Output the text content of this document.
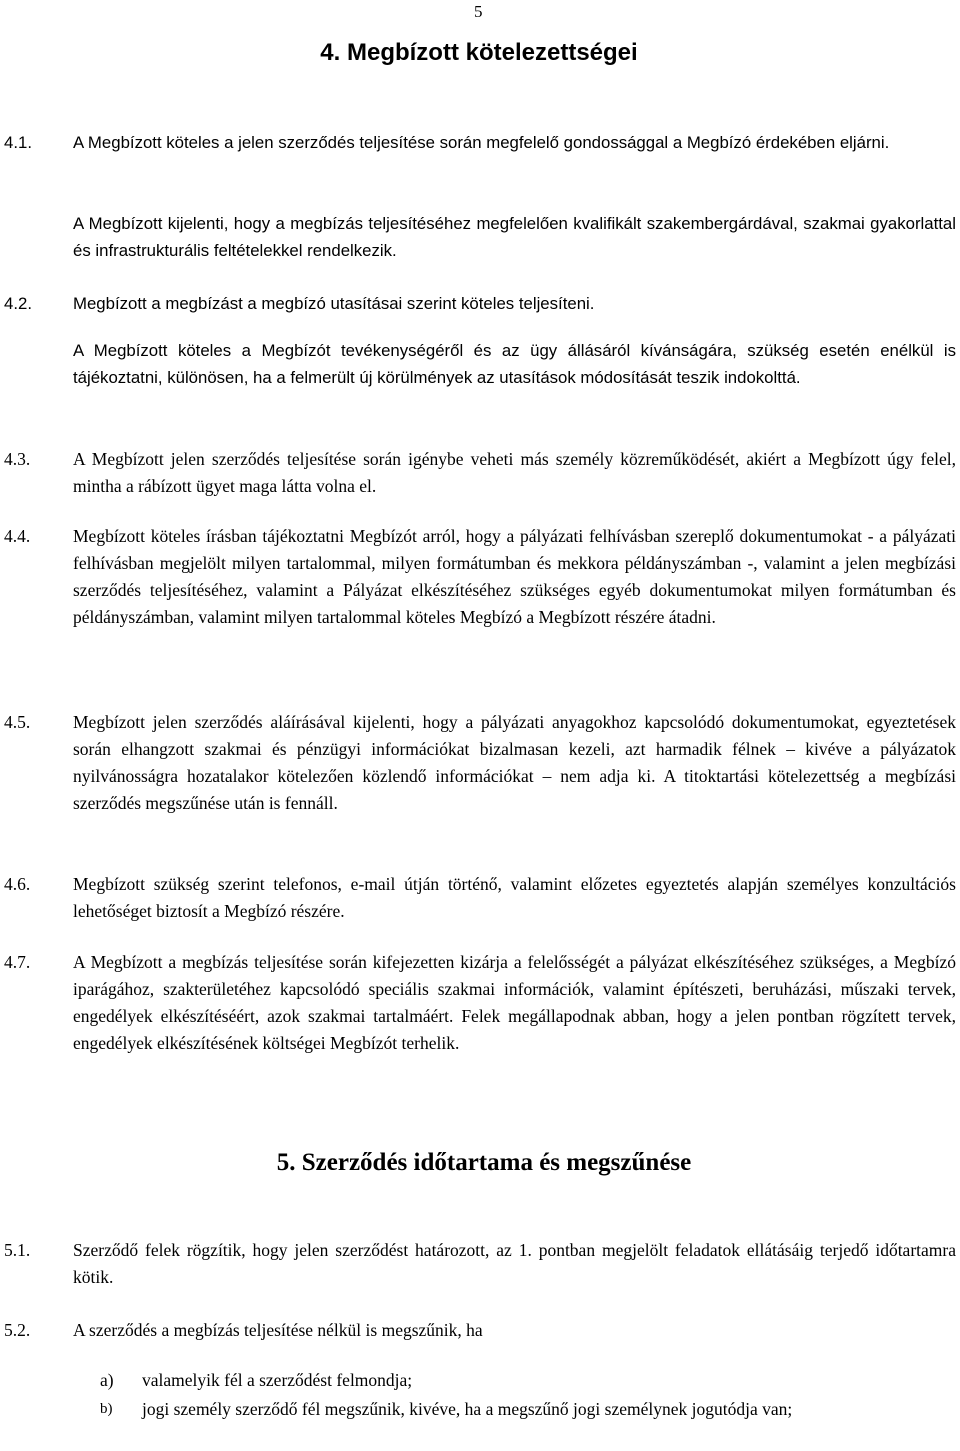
5
4. Megbízott kötelezettségei
4.1. A Megbízott köteles a jelen szerződés teljesítése során megfelelő gondossággal a Megbízó érdekében eljárni.
A Megbízott kijelenti, hogy a megbízás teljesítéséhez megfelelően kvalifikált szakembergárdával, szakmai gyakorlattal és infrastrukturális feltételekkel rendelkezik.
4.2. Megbízott a megbízást a megbízó utasításai szerint köteles teljesíteni.
A Megbízott köteles a Megbízót tevékenységéről és az ügy állásáról kívánságára, szükség esetén enélkül is tájékoztatni, különösen, ha a felmerült új körülmények az utasítások módosítását teszik indokolttá.
4.3. A Megbízott jelen szerződés teljesítése során igénybe veheti más személy közreműködését, akiért a Megbízott úgy felel, mintha a rábízott ügyet maga látta volna el.
4.4. Megbízott köteles írásban tájékoztatni Megbízót arról, hogy a pályázati felhívásban szereplő dokumentumokat - a pályázati felhívásban megjelölt milyen tartalommal, milyen formátumban és mekkora példányszámban -, valamint a jelen megbízási szerződés teljesítéséhez, valamint a Pályázat elkészítéséhez szükséges egyéb dokumentumokat milyen formátumban és példányszámban, valamint milyen tartalommal köteles Megbízó a Megbízott részére átadni.
4.5. Megbízott jelen szerződés aláírásával kijelenti, hogy a pályázati anyagokhoz kapcsolódó dokumentumokat, egyeztetések során elhangzott szakmai és pénzügyi információkat bizalmasan kezeli, azt harmadik félnek – kivéve a pályázatok nyilvánosságra hozatalakor kötelezően közlendő információkat – nem adja ki. A titoktartási kötelezettség a megbízási szerződés megszűnése után is fennáll.
4.6. Megbízott szükség szerint telefonos, e-mail útján történő, valamint előzetes egyeztetés alapján személyes konzultációs lehetőséget biztosít a Megbízó részére.
4.7. A Megbízott a megbízás teljesítése során kifejezetten kizárja a felelősségét a pályázat elkészítéséhez szükséges, a Megbízó iparágához, szakterületéhez kapcsolódó speciális szakmai információk, valamint építészeti, beruházási, műszaki tervek, engedélyek elkészítéséért, azok szakmai tartalmáért. Felek megállapodnak abban, hogy a jelen pontban rögzített tervek, engedélyek elkészítésének költségei Megbízót terhelik.
5. Szerződés időtartama és megszűnése
5.1. Szerződő felek rögzítik, hogy jelen szerződést határozott, az 1. pontban megjelölt feladatok ellátásáig terjedő időtartamra kötik.
5.2. A szerződés a megbízás teljesítése nélkül is megszűnik, ha
a) valamelyik fél a szerződést felmondja;
b) jogi személy szerződő fél megszűnik, kivéve, ha a megszűnő jogi személynek jogutódja van;
